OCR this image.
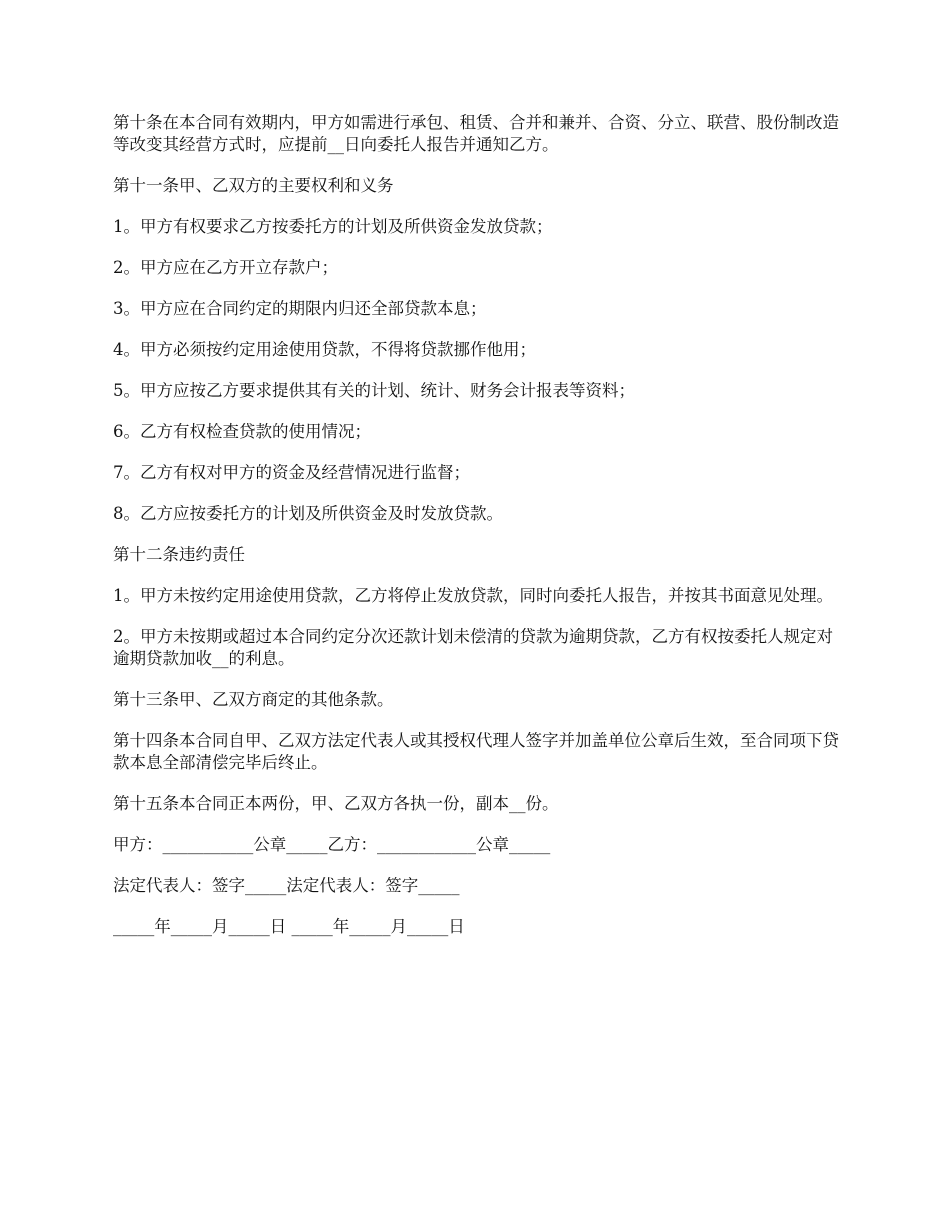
第十条在本合同有效期内，甲方如需进行承包、租赁、合并和兼并、合资、分立、联营、股份制改造等改变其经营方式时，应提前__日向委托人报告并通知乙方。

第十一条甲、乙双方的主要权利和义务

1。甲方有权要求乙方按委托方的计划及所供资金发放贷款；

2。甲方应在乙方开立存款户；

3。甲方应在合同约定的期限内归还全部贷款本息；

4。甲方必须按约定用途使用贷款，不得将贷款挪作他用；

5。甲方应按乙方要求提供其有关的计划、统计、财务会计报表等资料；

6。乙方有权检查贷款的使用情况；

7。乙方有权对甲方的资金及经营情况进行监督；

8。乙方应按委托方的计划及所供资金及时发放贷款。

第十二条违约责任

1。甲方未按约定用途使用贷款，乙方将停止发放贷款，同时向委托人报告，并按其书面意见处理。

2。甲方未按期或超过本合同约定分次还款计划未偿清的贷款为逾期贷款，乙方有权按委托人规定对逾期贷款加收__的利息。

第十三条甲、乙双方商定的其他条款。

第十四条本合同自甲、乙双方法定代表人或其授权代理人签字并加盖单位公章后生效，至合同项下贷款本息全部清偿完毕后终止。

第十五条本合同正本两份，甲、乙双方各执一份，副本__份。

甲方：___________公章_____乙方：____________公章_____

法定代表人：签字_____法定代表人：签字_____

_____年_____月_____日 _____年_____月_____日
